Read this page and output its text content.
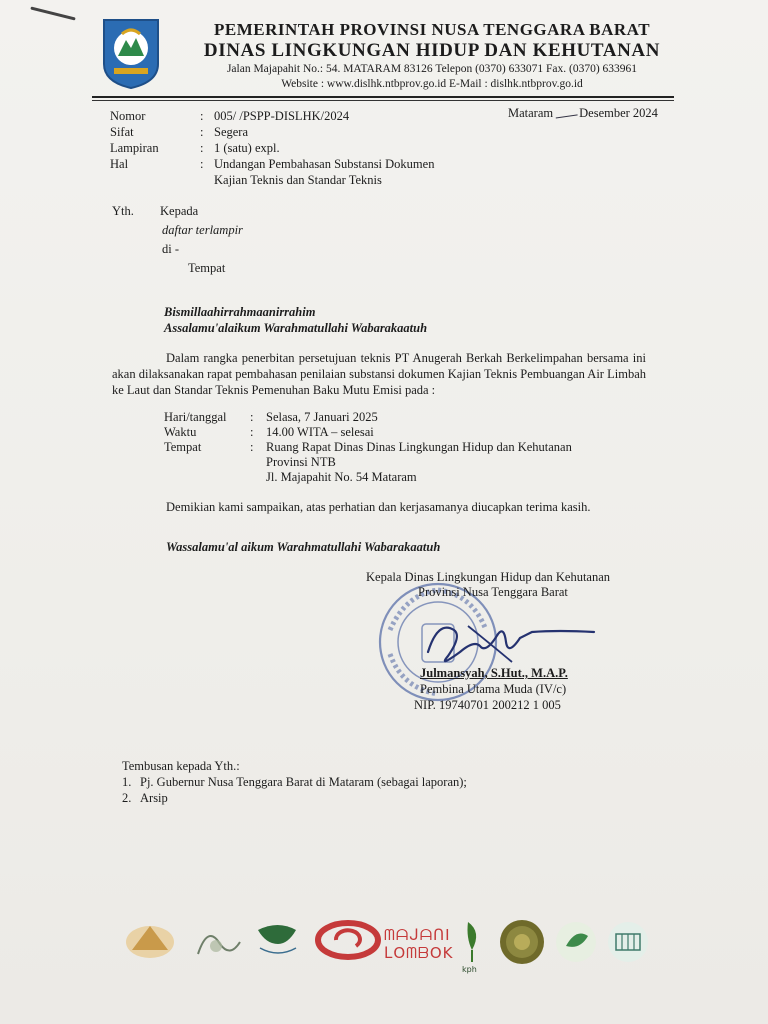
PEMERINTAH PROVINSI NUSA TENGGARA BARAT
DINAS LINGKUNGAN HIDUP DAN KEHUTANAN
Jalan Majapahit No.: 54. MATARAM 83126 Telepon (0370) 633071 Fax. (0370) 633961
Website : www.dislhk.ntbprov.go.id E-Mail : dislhk.ntbprov.go.id
Nomor	: 005/ /PSPP-DISLHK/2024
Sifat	: Segera
Lampiran	: 1 (satu) expl.
Hal	: Undangan Pembahasan Substansi Dokumen
Kajian Teknis dan Standar Teknis
Mataram Desember 2024
Yth. Kepada
daftar terlampir
di -
Tempat
Bismillaahirrahmaanirrahim
Assalamu'alaikum Warahmatullahi Wabarakaatuh
Dalam rangka penerbitan persetujuan teknis PT Anugerah Berkah Berkelimpahan bersama ini akan dilaksanakan rapat pembahasan penilaian substansi dokumen Kajian Teknis Pembuangan Air Limbah ke Laut dan Standar Teknis Pemenuhan Baku Mutu Emisi pada :
Hari/tanggal	:	Selasa, 7 Januari 2025
Waktu	:	14.00 WITA – selesai
Tempat	:	Ruang Rapat Dinas Dinas Lingkungan Hidup dan Kehutanan
Provinsi NTB
Jl. Majapahit No. 54 Mataram
Demikian kami sampaikan, atas perhatian dan kerjasamanya diucapkan terima kasih.
Wassalamu'al aikum Warahmatullahi Wabarakaatuh
Kepala Dinas Lingkungan Hidup dan Kehutanan
Provinsi Nusa Tenggara Barat
Julmansyah, S.Hut., M.A.P.
Pembina Utama Muda (IV/c)
NIP. 19740701 200212 1 005
Tembusan kepada Yth.:
1. Pj. Gubernur Nusa Tenggara Barat di Mataram (sebagai laporan);
2. Arsip
ᗰᗩᒍᗩᑎI
ᒪOᗰᗷOK
kph
